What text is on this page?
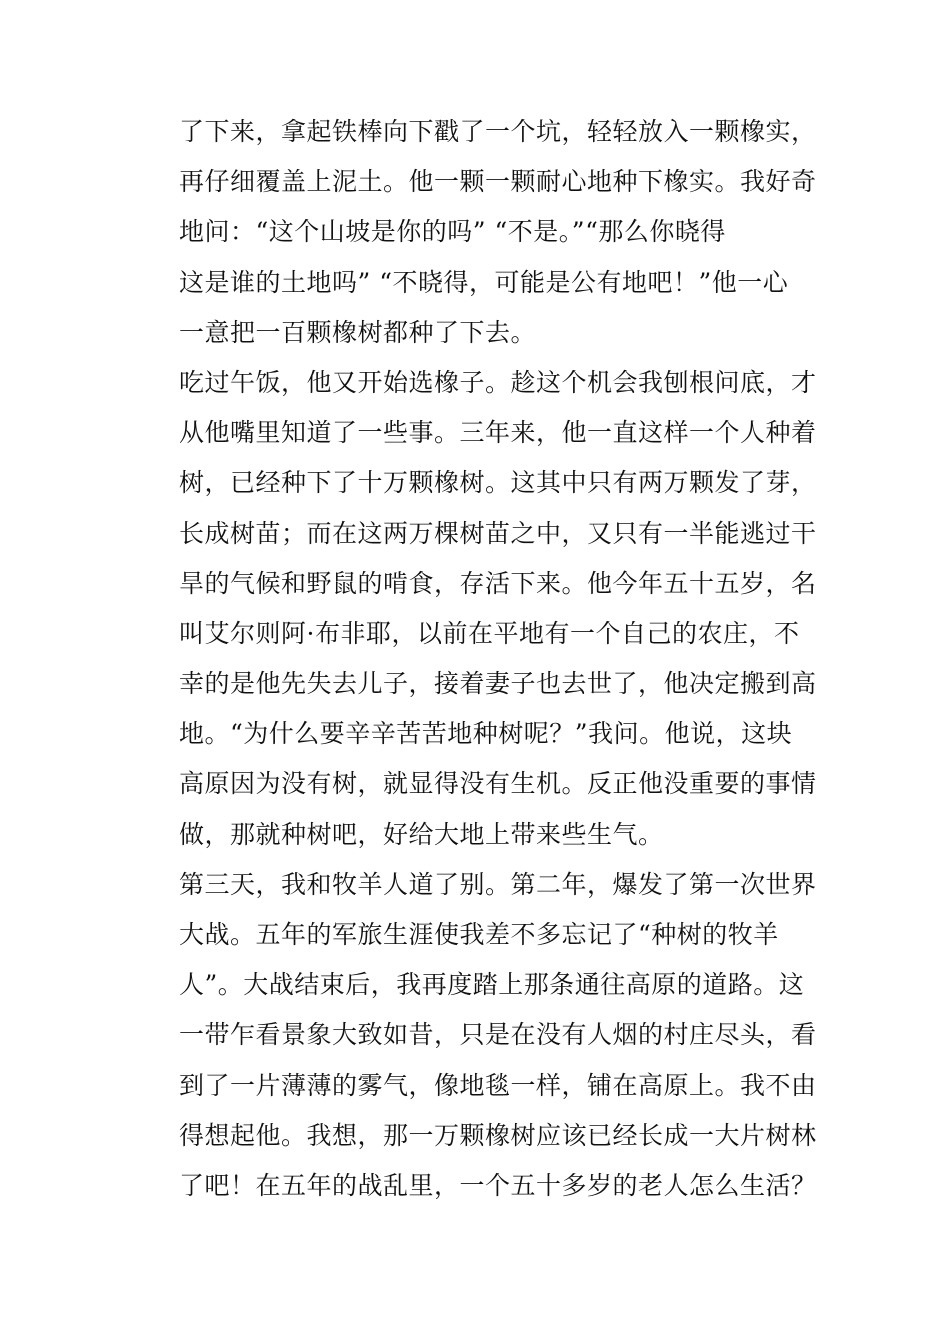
了下来，拿起铁棒向下戳了一个坑，轻轻放入一颗橡实，
再仔细覆盖上泥土。他一颗一颗耐心地种下橡实。我好奇
地问：“这个山坡是你的吗” “不是。”“那么你晓得
这是谁的土地吗” “不晓得，可能是公有地吧！”他一心
一意把一百颗橡树都种了下去。
吃过午饭，他又开始选橡子。趁这个机会我刨根问底，才
从他嘴里知道了一些事。三年来，他一直这样一个人种着
树，已经种下了十万颗橡树。这其中只有两万颗发了芽，
长成树苗；而在这两万棵树苗之中，又只有一半能逃过干
旱的气候和野鼠的啃食，存活下来。他今年五十五岁，名
叫艾尔则阿·布非耶，以前在平地有一个自己的农庄，不
幸的是他先失去儿子，接着妻子也去世了，他决定搬到高
地。“为什么要辛辛苦苦地种树呢？”我问。他说，这块
高原因为没有树，就显得没有生机。反正他没重要的事情
做，那就种树吧，好给大地上带来些生气。
第三天，我和牧羊人道了别。第二年，爆发了第一次世界
大战。五年的军旅生涯使我差不多忘记了“种树的牧羊
人”。大战结束后，我再度踏上那条通往高原的道路。这
一带乍看景象大致如昔，只是在没有人烟的村庄尽头，看
到了一片薄薄的雾气，像地毯一样，铺在高原上。我不由
得想起他。我想，那一万颗橡树应该已经长成一大片树林
了吧！在五年的战乱里，一个五十多岁的老人怎么生活？
